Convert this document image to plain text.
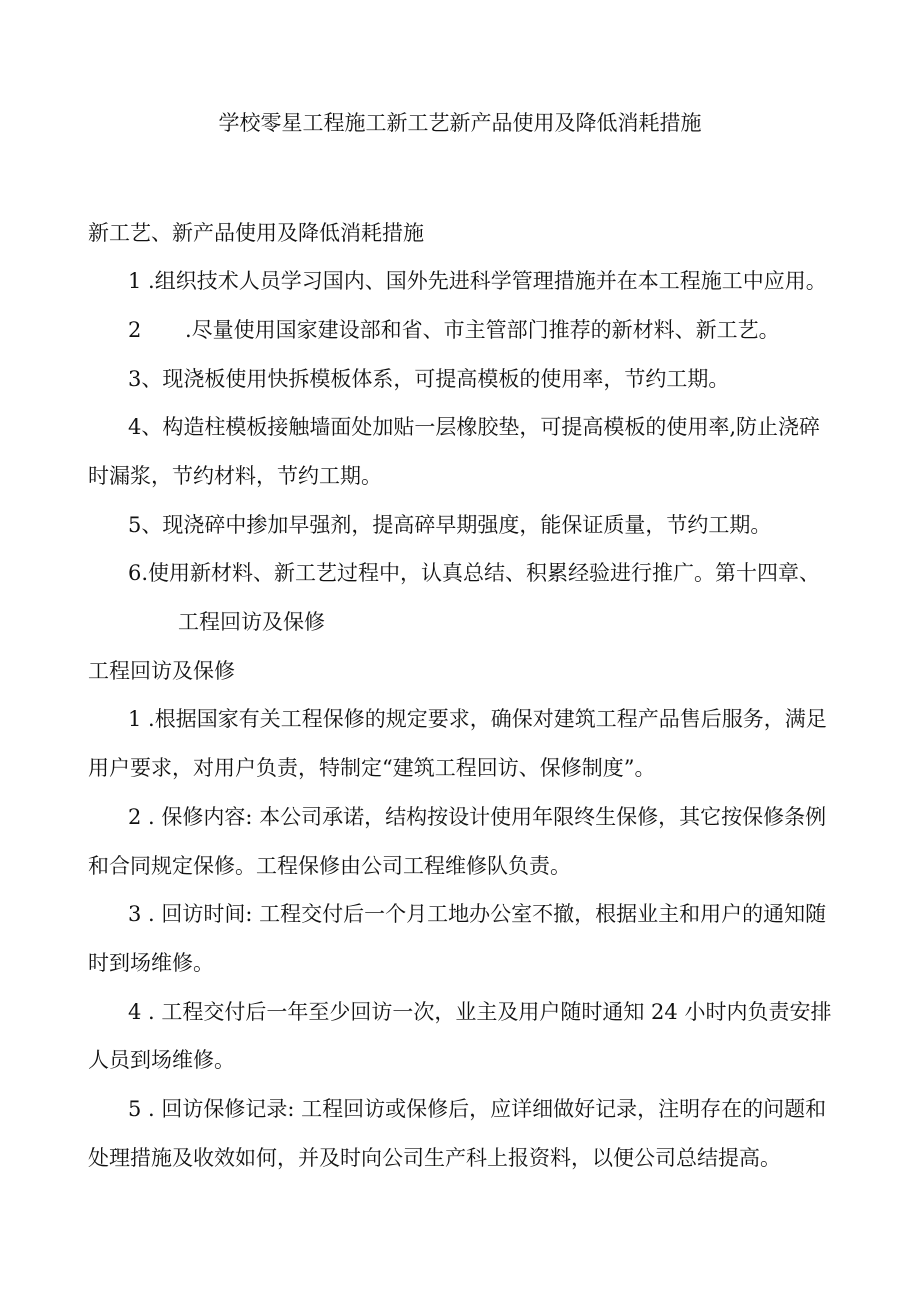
学校零星工程施工新工艺新产品使用及降低消耗措施
新工艺、新产品使用及降低消耗措施
1 .组织技术人员学习国内、国外先进科学管理措施并在本工程施工中应用。
2 .尽量使用国家建设部和省、市主管部门推荐的新材料、新工艺。
3、现浇板使用快拆模板体系，可提高模板的使用率，节约工期。
4、构造柱模板接触墙面处加贴一层橡胶垫，可提高模板的使用率,防止浇碎
时漏浆，节约材料，节约工期。
5、现浇碎中掺加早强剂，提高碎早期强度，能保证质量，节约工期。
6.使用新材料、新工艺过程中，认真总结、积累经验进行推广。第十四章、
工程回访及保修
工程回访及保修
1 .根据国家有关工程保修的规定要求，确保对建筑工程产品售后服务，满足
用户要求，对用户负责，特制定“建筑工程回访、保修制度”。
2 . 保修内容: 本公司承诺，结构按设计使用年限终生保修，其它按保修条例
和合同规定保修。工程保修由公司工程维修队负责。
3 . 回访时间: 工程交付后一个月工地办公室不撤，根据业主和用户的通知随
时到场维修。
4 . 工程交付后一年至少回访一次，业主及用户随时通知 24 小时内负责安排
人员到场维修。
5 . 回访保修记录: 工程回访或保修后，应详细做好记录，注明存在的问题和
处理措施及收效如何，并及时向公司生产科上报资料，以便公司总结提高。
